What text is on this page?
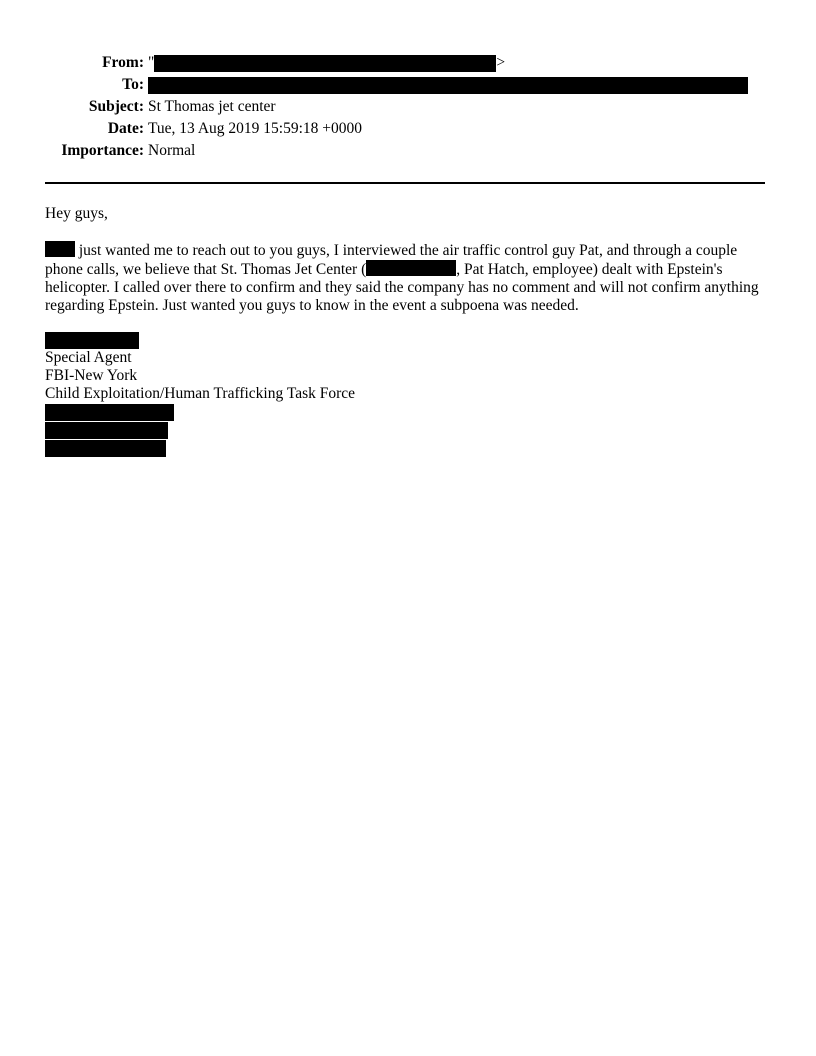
From: "	>
To:
Subject: St Thomas jet center
Date: Tue, 13 Aug 2019 15:59:18 +0000
Importance: Normal
Hey guys,
just wanted me to reach out to you guys, I interviewed the air traffic control guy Pat, and through a couple phone calls, we believe that St. Thomas Jet Center (	, Pat Hatch, employee) dealt with Epstein's helicopter. I called over there to confirm and they said the company has no comment and will not confirm anything regarding Epstein. Just wanted you guys to know in the event a subpoena was needed.
Special Agent
FBI-New York
Child Exploitation/Human Trafficking Task Force
